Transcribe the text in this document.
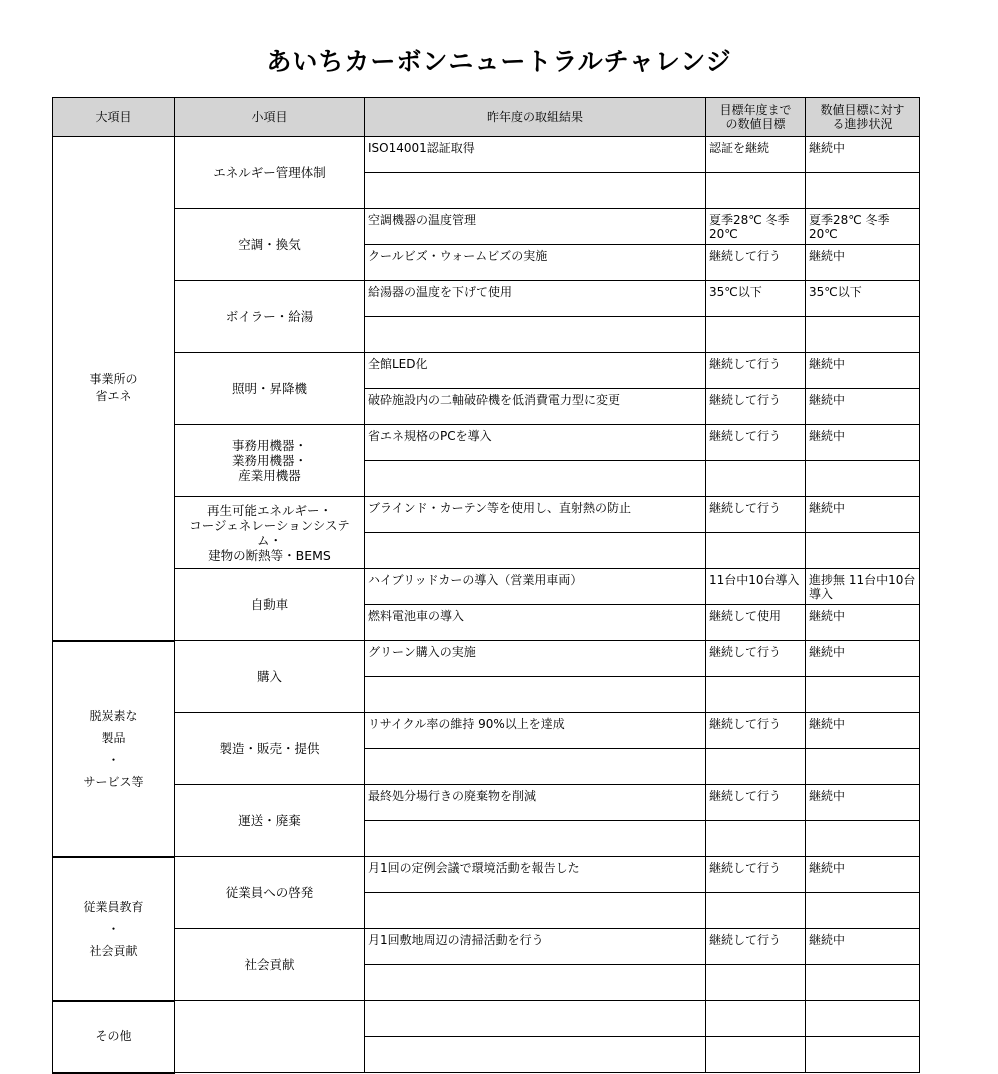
あいちカーボンニュートラルチャレンジ
大項目	小項目	昨年度の取組結果	目標年度まで
の数値目標	数値目標に対す
る進捗状況

事業所の
省エネ	エネルギー管理体制	ISO14001認証取得	認証を継続	継続中

	空調・換気	空調機器の温度管理	夏季28℃ 冬季20℃	夏季28℃ 冬季20℃
		クールビズ・ウォームビズの実施	継続して行う	継続中

	ボイラー・給湯	給湯器の温度を下げて使用	35℃以下	35℃以下

	照明・昇降機	全館LED化	継続して行う	継続中
		破砕施設内の二軸破砕機を低消費電力型に変更	継続して行う	継続中

	事務用機器・
業務用機器・
産業用機器	省エネ規格のPCを導入	継続して行う	継続中

	再生可能エネルギー・
コージェネレーションシステム・
建物の断熱等・BEMS	ブラインド・カーテン等を使用し、直射熱の防止	継続して行う	継続中

	自動車	ハイブリッドカーの導入（営業用車両）	11台中10台導入	進捗無 11台中10台導入
		燃料電池車の導入	継続して使用	継続中

脱炭素な
製品
・
サービス等	購入	グリーン購入の実施	継続して行う	継続中

	製造・販売・提供	リサイクル率の維持 90%以上を達成	継続して行う	継続中

	運送・廃棄	最終処分場行きの廃棄物を削減	継続して行う	継続中

従業員教育
・
社会貢献	従業員への啓発	月1回の定例会議で環境活動を報告した	継続して行う	継続中

	社会貢献	月1回敷地周辺の清掃活動を行う	継続して行う	継続中

その他				
